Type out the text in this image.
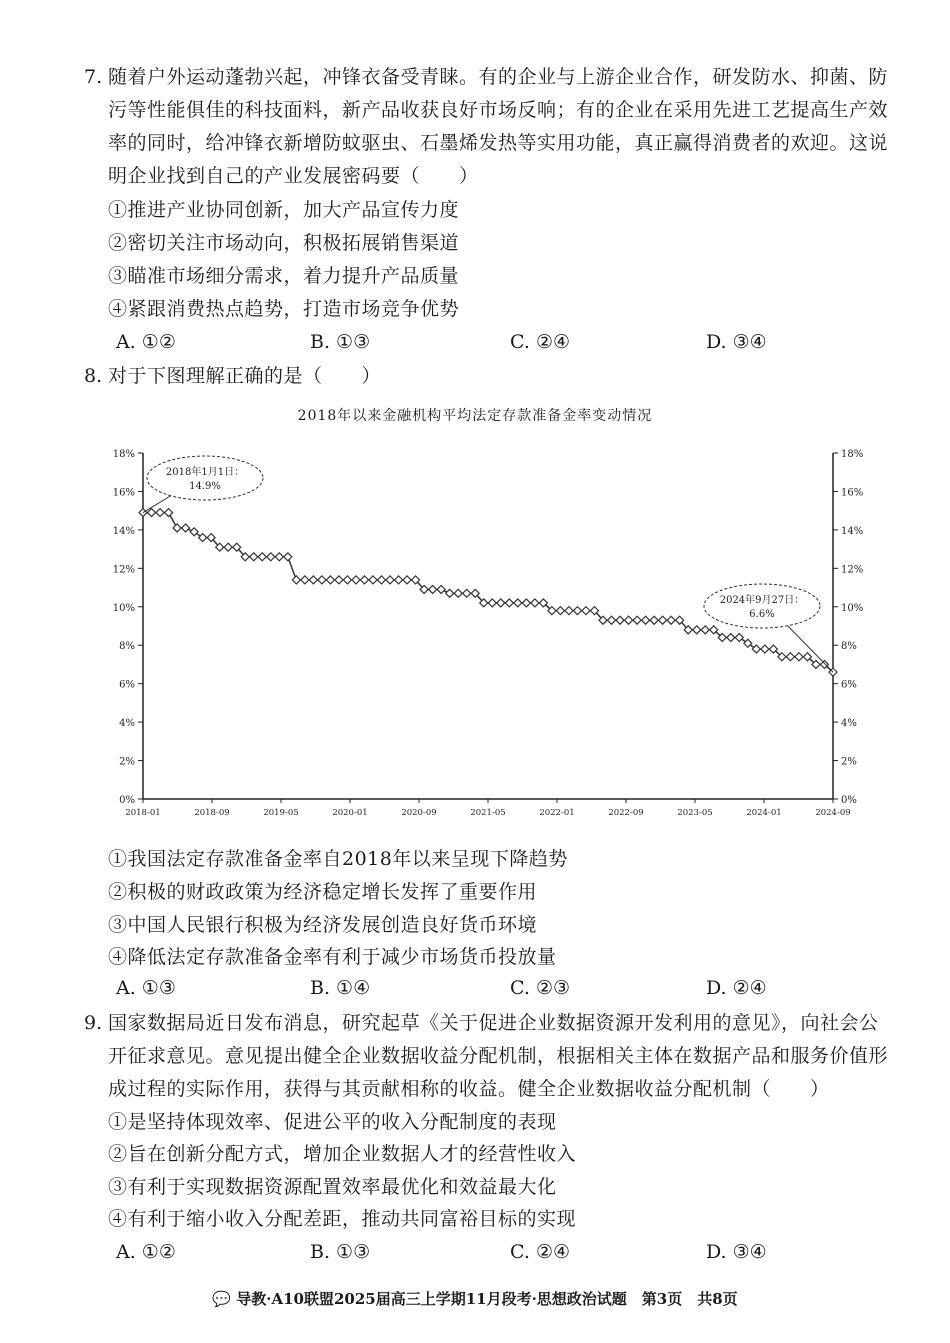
7. 随着户外运动蓬勃兴起，冲锋衣备受青睐。有的企业与上游企业合作，研发防水、抑菌、防
污等性能俱佳的科技面料，新产品收获良好市场反响；有的企业在采用先进工艺提高生产效
率的同时，给冲锋衣新增防蚊驱虫、石墨烯发热等实用功能，真正赢得消费者的欢迎。这说
明企业找到自己的产业发展密码要（　　）
①推进产业协同创新，加大产品宣传力度
②密切关注市场动向，积极拓展销售渠道
③瞄准市场细分需求，着力提升产品质量
④紧跟消费热点趋势，打造市场竞争优势
A. ①②	B. ①③	C. ②④	D. ③④
8. 对于下图理解正确的是（　　）
2018年以来金融机构平均法定存款准备金率变动情况
0%
2%
4%
6%
8%
10%
12%
14%
16%
18%
0%
2%
4%
6%
8%
10%
12%
14%
16%
18%
2018-01	2018-09	2019-05	2020-01	2020-09	2021-05	2022-01	2022-09	2023-05	2024-01	2024-09
2018年1月1日：
14.9%
2024年9月27日：
6.6%
①我国法定存款准备金率自2018年以来呈现下降趋势
②积极的财政政策为经济稳定增长发挥了重要作用
③中国人民银行积极为经济发展创造良好货币环境
④降低法定存款准备金率有利于减少市场货币投放量
A. ①③	B. ①④	C. ②③	D. ②④
9. 国家数据局近日发布消息，研究起草《关于促进企业数据资源开发利用的意见》，向社会公
开征求意见。意见提出健全企业数据收益分配机制，根据相关主体在数据产品和服务价值形
成过程的实际作用，获得与其贡献相称的收益。健全企业数据收益分配机制（　　）
①是坚持体现效率、促进公平的收入分配制度的表现
②旨在创新分配方式，增加企业数据人才的经营性收入
③有利于实现数据资源配置效率最优化和效益最大化
④有利于缩小收入分配差距，推动共同富裕目标的实现
A. ①②	B. ①③	C. ②④	D. ③④
💬 导教·A10联盟2025届高三上学期11月段考·思想政治试题　第3页　共8页
